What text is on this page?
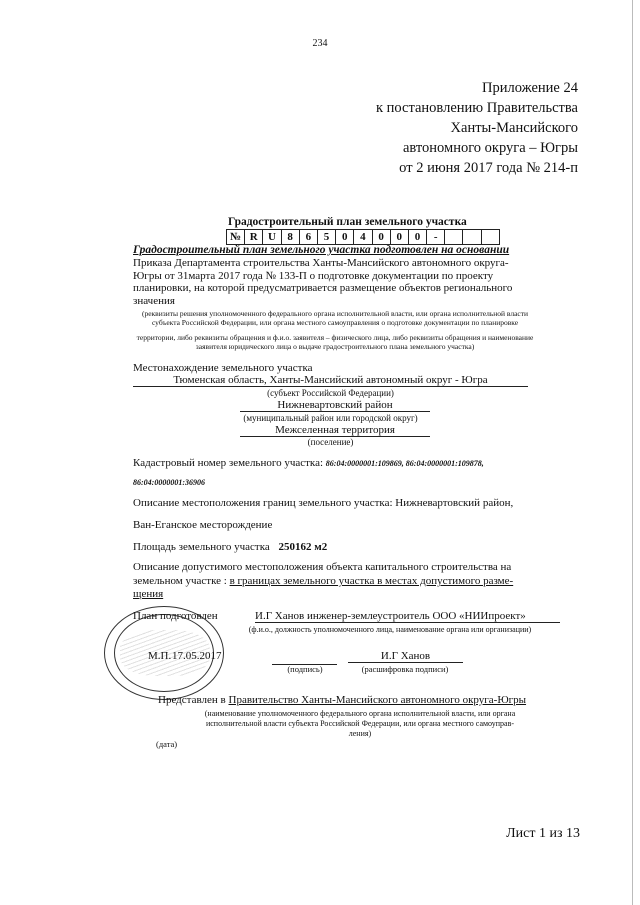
234
Приложение 24
к постановлению Правительства
Ханты-Мансийского
автономного округа – Югры
от 2 июня 2017 года № 214-п
Градостроительный план земельного участка
№ R U	8	6	5	0	4	0	0	0	-
Градостроительный план земельного участка подготовлен на основании
Приказа Департамента строительства Ханты-Мансийского автономного округа-Югры от 31марта 2017 года № 133-П о подготовке документации по проекту планировки, на которой предусматривается размещение объектов регионального значения
(реквизиты решения уполномоченного федерального органа исполнительной власти, или органа исполнительной власти субъекта Российской Федерации, или органа местного самоуправления о подготовке документации по планировке
территории, либо реквизиты обращения и ф.и.о. заявителя – физического лица, либо реквизиты обращения и наименование заявителя юридического лица о выдаче градостроительного плана земельного участка)
Местонахождение земельного участка
Тюменская область, Ханты-Мансийский автономный округ - Югра
(субъект Российской Федерации)
Нижневартовский район
(муниципальный район или городской округ)
Межселенная территория
(поселение)
Кадастровый номер земельного участка: 86:04:0000001:109869, 86:04:0000001:109878,
86:04:0000001:36906
Описание местоположения границ земельного участка: Нижневартовский район,
Ван-Еганское месторождение
Площадь земельного участка 250162 м2
Описание допустимого местоположения объекта капитального строительства на
земельном участке : в границах земельного участка в местах допустимого разме-
щения
План подготовлен	И.Г Ханов инженер-землеустроитель ООО «НИИпроект»
(ф.и.о., должность уполномоченного лица, наименование органа или организации)
М.П. 17.05.2017	И.Г Ханов
(подпись)	(расшифровка подписи)
Представлен в Правительство Ханты-Мансийского автономного округа-Югры
(наименование уполномоченного федерального органа исполнительной власти, или органа
исполнительной власти субъекта Российской Федерации, или органа местного самоуправ-
ления)
(дата)
Лист 1 из 13
